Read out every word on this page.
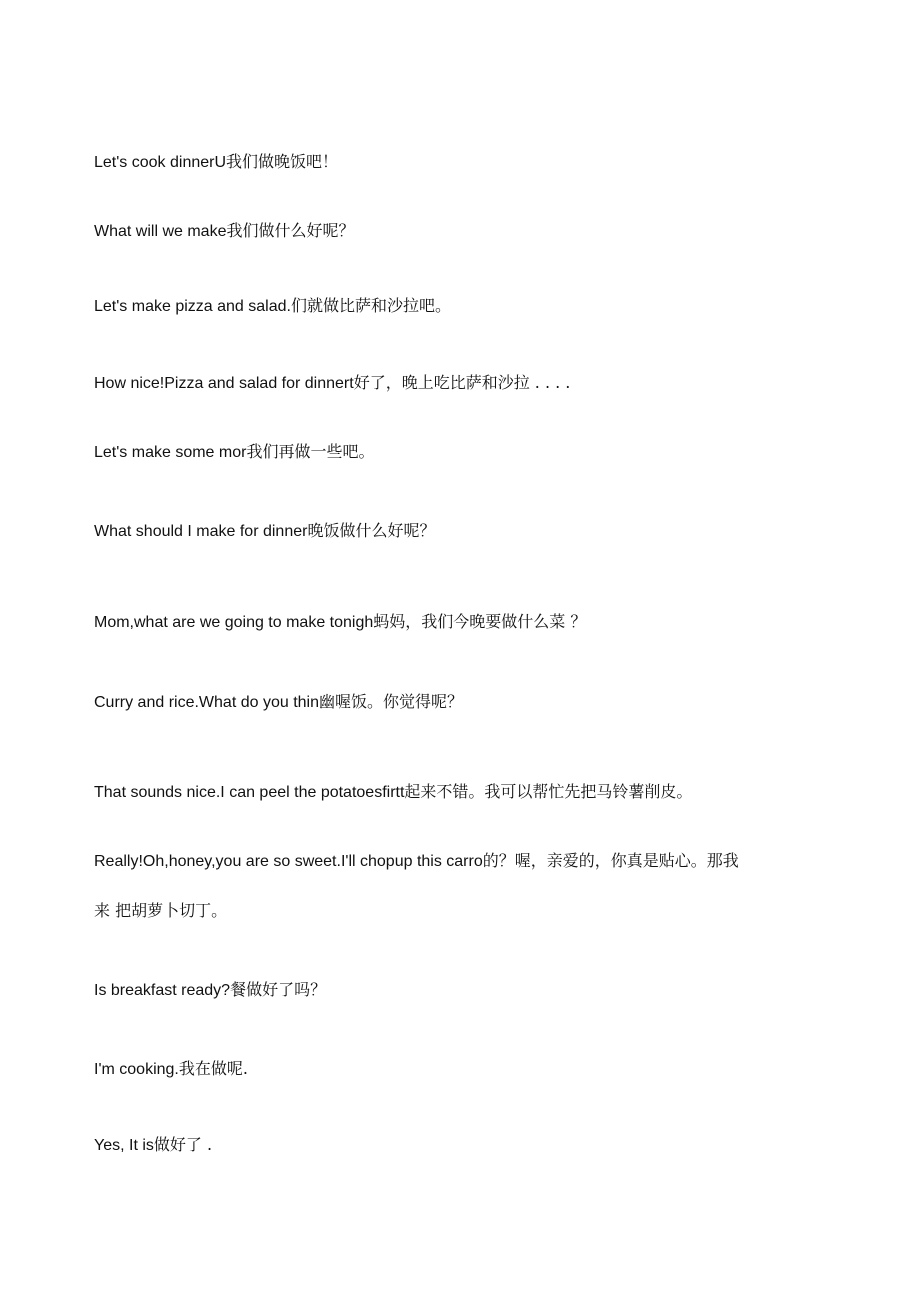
Let's cook dinnerU我们做晚饭吧！
What will we make我们做什么好呢？
Let's make pizza and salad.们就做比萨和沙拉吧。
How nice!Pizza and salad for dinnert好了，晚上吃比萨和沙拉 . . . .
Let's make some mor我们再做一些吧。
What should I make for dinner晚饭做什么好呢？
Mom,what are we going to make tonigh蚂妈，我们今晚要做什么菜 ？
Curry and rice.What do you thin幽喔饭。你觉得呢？
That sounds nice.I can peel the potatoesfirtt起来不错。我可以帮忙先把马铃薯削皮。
Really!Oh,honey,you are so sweet.I'll chopup this carro的？喔，亲爱的，你真是贴心。那我
来 把胡萝卜切丁。
Is breakfast ready?餐做好了吗？
I'm cooking.我在做呢.
Yes, It is做好了 .
